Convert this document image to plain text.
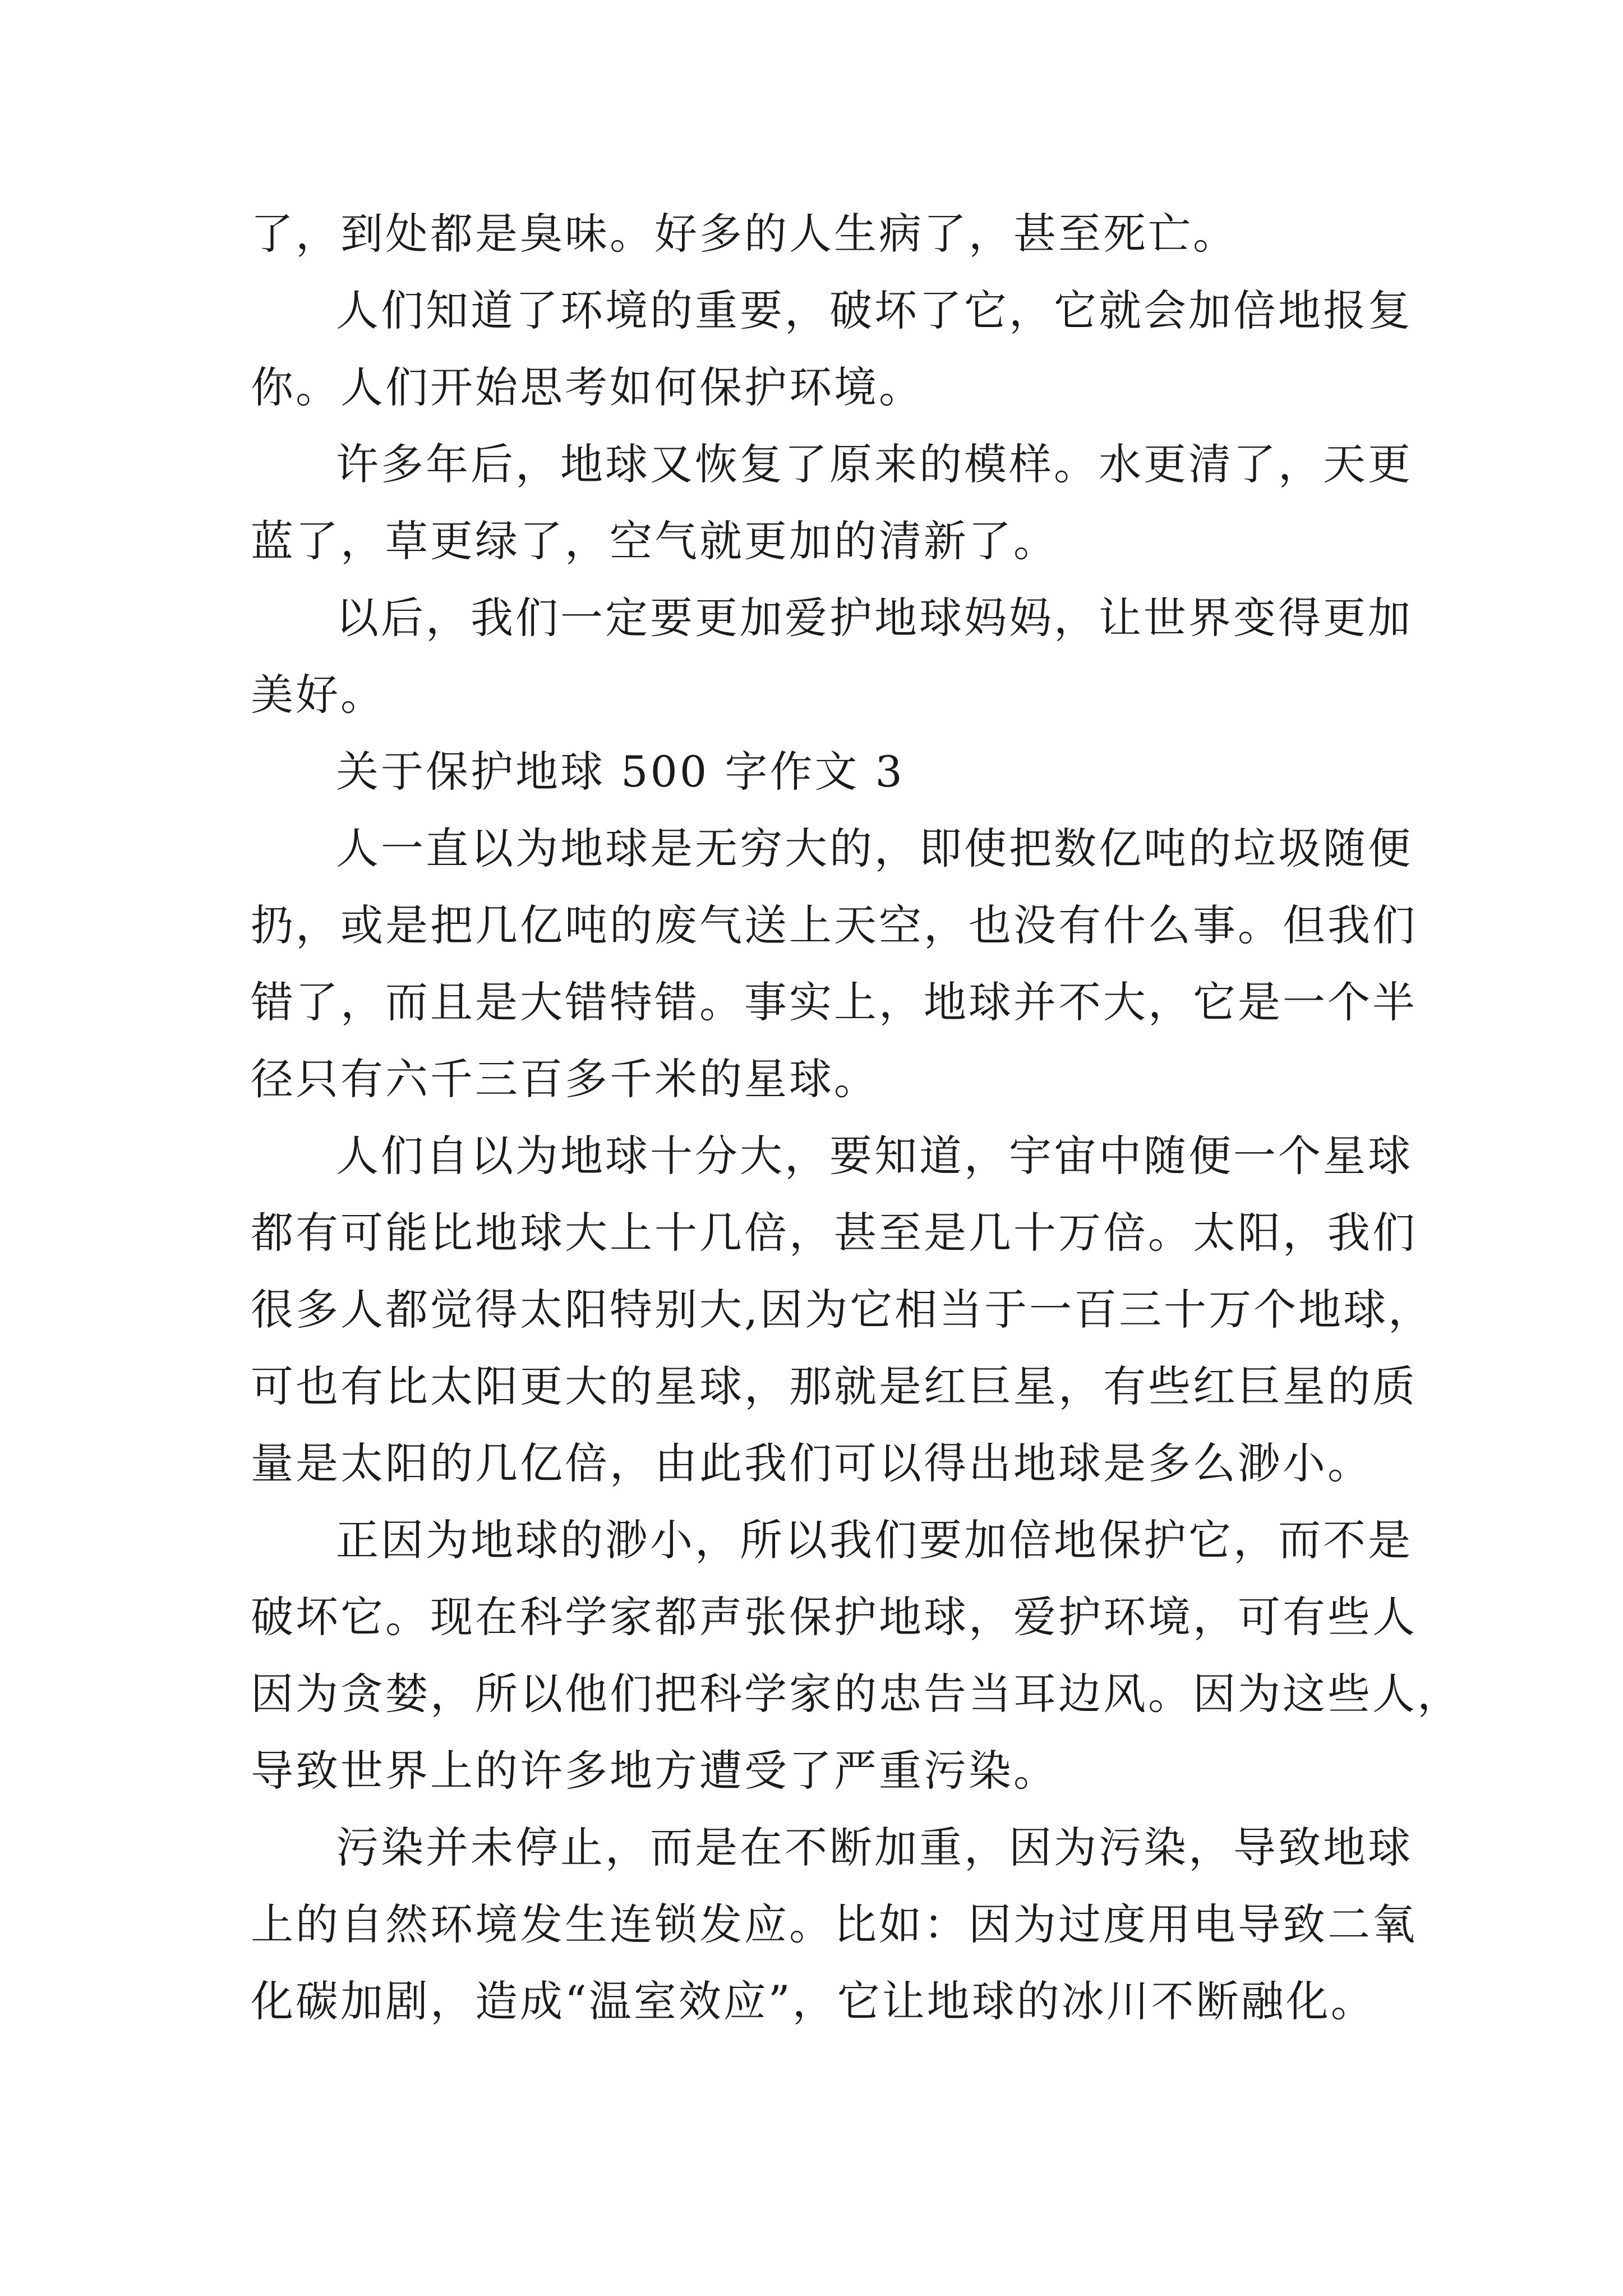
了，到处都是臭味。好多的人生病了，甚至死亡。

人们知道了环境的重要，破坏了它，它就会加倍地报复
你。人们开始思考如何保护环境。

许多年后，地球又恢复了原来的模样。水更清了，天更
蓝了，草更绿了，空气就更加的清新了。

以后，我们一定要更加爱护地球妈妈，让世界变得更加
美好。

关于保护地球 500 字作文 3

人一直以为地球是无穷大的，即使把数亿吨的垃圾随便
扔，或是把几亿吨的废气送上天空，也没有什么事。但我们
错了，而且是大错特错。事实上，地球并不大，它是一个半
径只有六千三百多千米的星球。

人们自以为地球十分大，要知道，宇宙中随便一个星球
都有可能比地球大上十几倍，甚至是几十万倍。太阳，我们
很多人都觉得太阳特别大,因为它相当于一百三十万个地球，
可也有比太阳更大的星球，那就是红巨星，有些红巨星的质
量是太阳的几亿倍，由此我们可以得出地球是多么渺小。

正因为地球的渺小，所以我们要加倍地保护它，而不是
破坏它。现在科学家都声张保护地球，爱护环境，可有些人
因为贪婪，所以他们把科学家的忠告当耳边风。因为这些人，
导致世界上的许多地方遭受了严重污染。

污染并未停止，而是在不断加重，因为污染，导致地球
上的自然环境发生连锁发应。比如：因为过度用电导致二氧
化碳加剧，造成“温室效应”，它让地球的冰川不断融化。
